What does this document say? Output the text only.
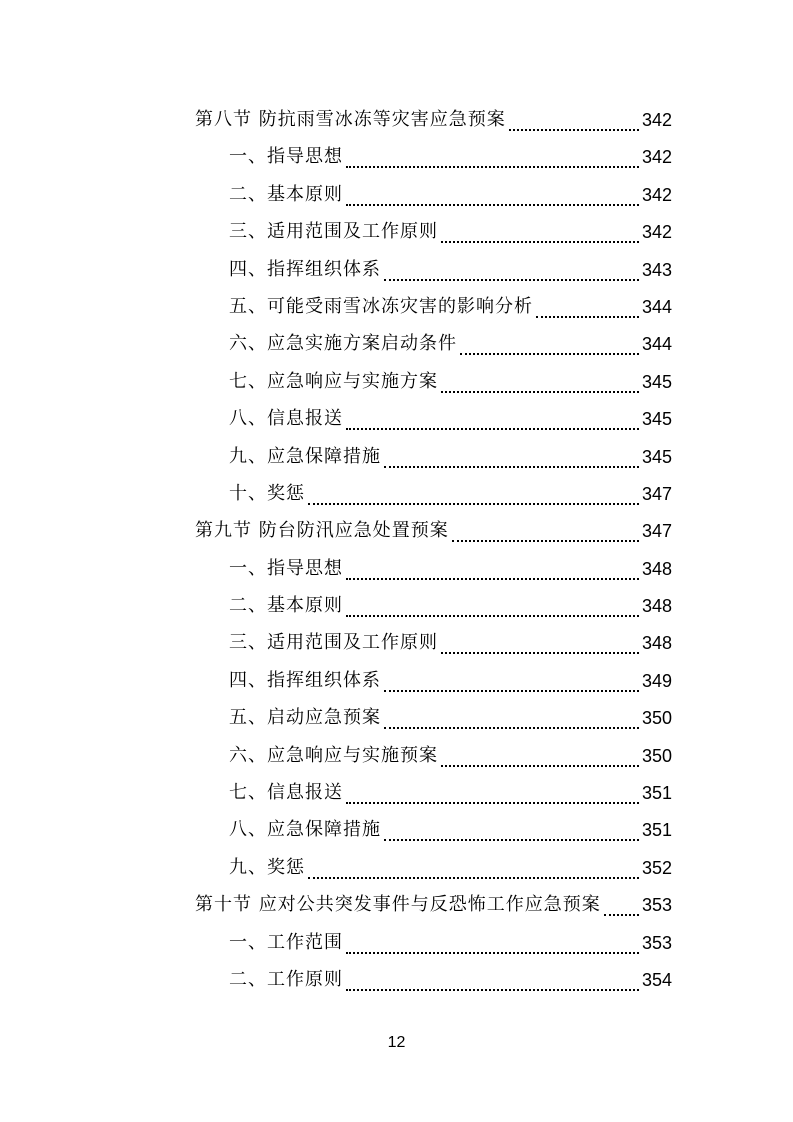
第八节 防抗雨雪冰冻等灾害应急预案	342
一、指导思想	342
二、基本原则	342
三、适用范围及工作原则	342
四、指挥组织体系	343
五、可能受雨雪冰冻灾害的影响分析	344
六、应急实施方案启动条件	344
七、应急响应与实施方案	345
八、信息报送	345
九、应急保障措施	345
十、奖惩	347
第九节 防台防汛应急处置预案	347
一、指导思想	348
二、基本原则	348
三、适用范围及工作原则	348
四、指挥组织体系	349
五、启动应急预案	350
六、应急响应与实施预案	350
七、信息报送	351
八、应急保障措施	351
九、奖惩	352
第十节 应对公共突发事件与反恐怖工作应急预案 353
一、工作范围	353
二、工作原则	354
12
